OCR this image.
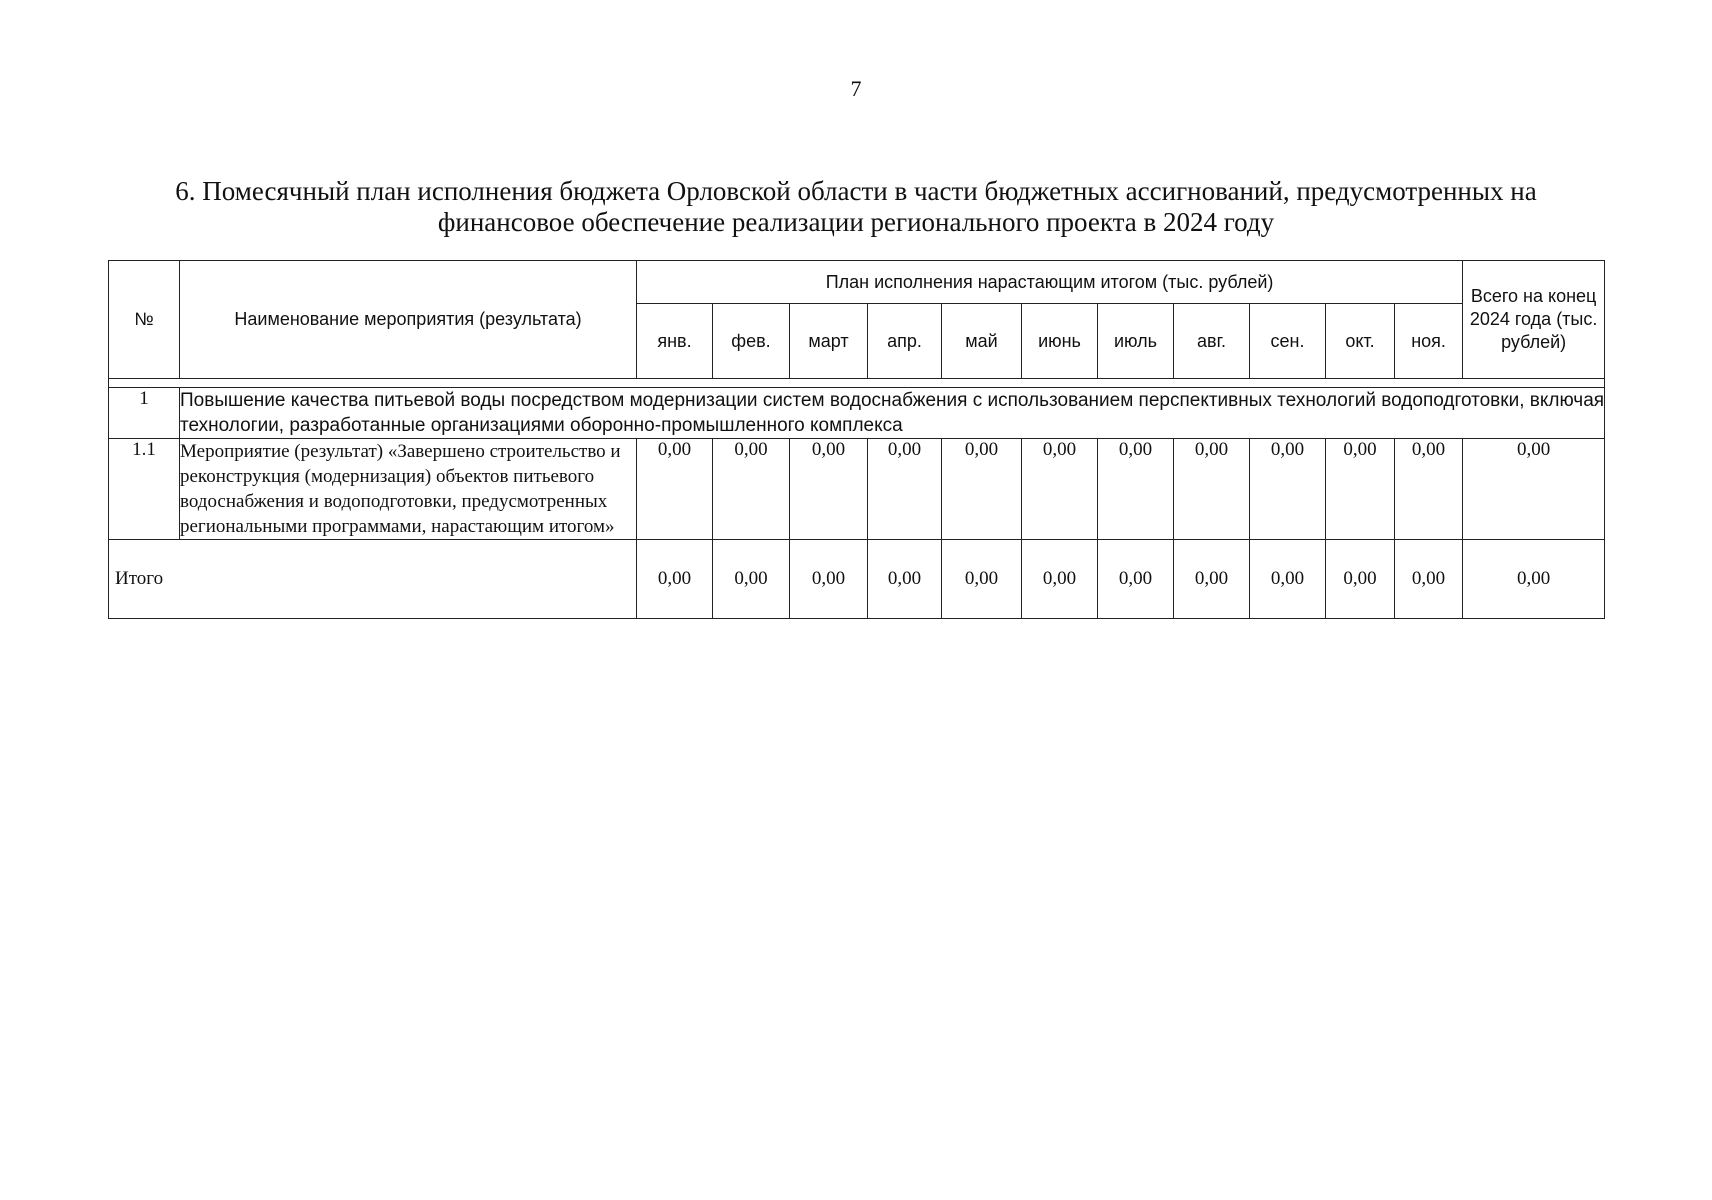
7
6. Помесячный план исполнения бюджета Орловской области в части бюджетных ассигнований, предусмотренных на
финансовое обеспечение реализации регионального проекта в 2024 году
№	Наименование мероприятия (результата)	План исполнения нарастающим итогом (тыс. рублей)											Всего на конец 2024 года (тыс. рублей)
		янв.	фев.	март	апр.	май	июнь	июль	авг.	сен.	окт.	ноя.	

1	Повышение качества питьевой воды посредством модернизации систем водоснабжения с использованием перспективных технологий водоподготовки, включая технологии, разработанные организациями оборонно-промышленного комплекса												
1.1	Мероприятие (результат) «Завершено строительство и реконструкция (модернизация) объектов питьевого водоснабжения и водоподготовки, предусмотренных региональными программами, нарастающим итогом»	0,00	0,00	0,00	0,00	0,00	0,00	0,00	0,00	0,00	0,00	0,00	0,00
Итого		0,00	0,00	0,00	0,00	0,00	0,00	0,00	0,00	0,00	0,00	0,00	0,00
